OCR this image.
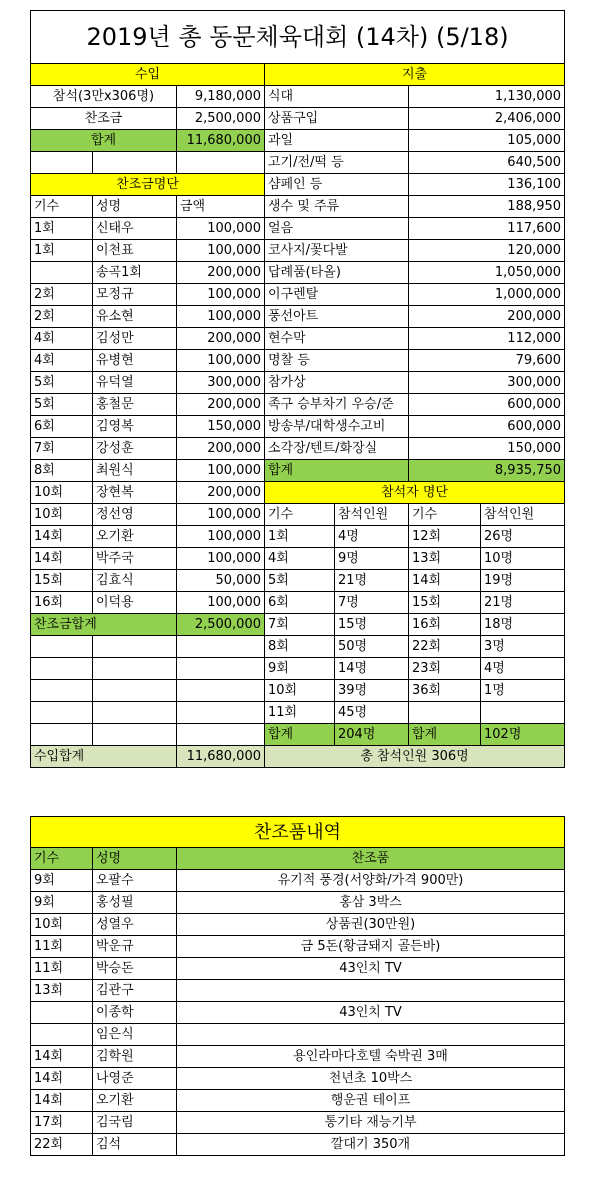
2019년 총 동문체육대회 (14차) (5/18)						
수입			지출			
참석(3만x306명)		9,180,000	식대		1,130,000	
찬조금		2,500,000	상품구입		2,406,000	
합계		11,680,000	과일		105,000	
			고기/전/떡 등		640,500	
찬조금명단			샴페인 등		136,100	
기수	성명	금액	생수 및 주류		188,950	
1회	신태우	100,000	얼음		117,600	
1회	이천표	100,000	코사지/꽃다발		120,000	
	송곡1회	200,000	답례품(타올)		1,050,000	
2회	모정규	100,000	이구렌탈		1,000,000	
2회	유소현	100,000	풍선아트		200,000	
4회	김성만	200,000	현수막		112,000	
4회	유병현	100,000	명찰 등		79,600	
5회	유덕열	300,000	참가상		300,000	
5회	홍철문	200,000	족구 승부차기 우승/준		600,000	
6회	김영복	150,000	방송부/대학생수고비		600,000	
7회	강성훈	200,000	소각장/텐트/화장실		150,000	
8회	최원식	100,000	합계		8,935,750	
10회	장현복	200,000	참석자 명단			
10회	정선영	100,000	기수	참석인원	기수	참석인원
14회	오기환	100,000	1회	4명	12회	26명
14회	박주국	100,000	4회	9명	13회	10명
15회	김효식	50,000	5회	21명	14회	19명
16회	이덕용	100,000	6회	7명	15회	21명
찬조금합계		2,500,000	7회	15명	16회	18명
			8회	50명	22회	3명
			9회	14명	23회	4명
			10회	39명	36회	1명
			11회	45명		
			합계	204명	합계	102명
수입합계		11,680,000	총 참석인원 306명			
찬조품내역		
기수	성명	찬조품
9회	오팔수	유기적 풍경(서양화/가격 900만)
9회	홍성필	홍삼 3박스
10회	성열우	상품권(30만원)
11회	박운규	금 5돈(황금돼지 골든바)
11회	박승돈	43인치 TV
13회	김관구	
	이종학	43인치 TV
	임은식	
14회	김학원	용인라마다호텔 숙박권 3매
14회	나영준	천년초 10박스
14회	오기환	행운권 테이프
17회	김국림	통기타 재능기부
22회	김석	깔대기 350개
